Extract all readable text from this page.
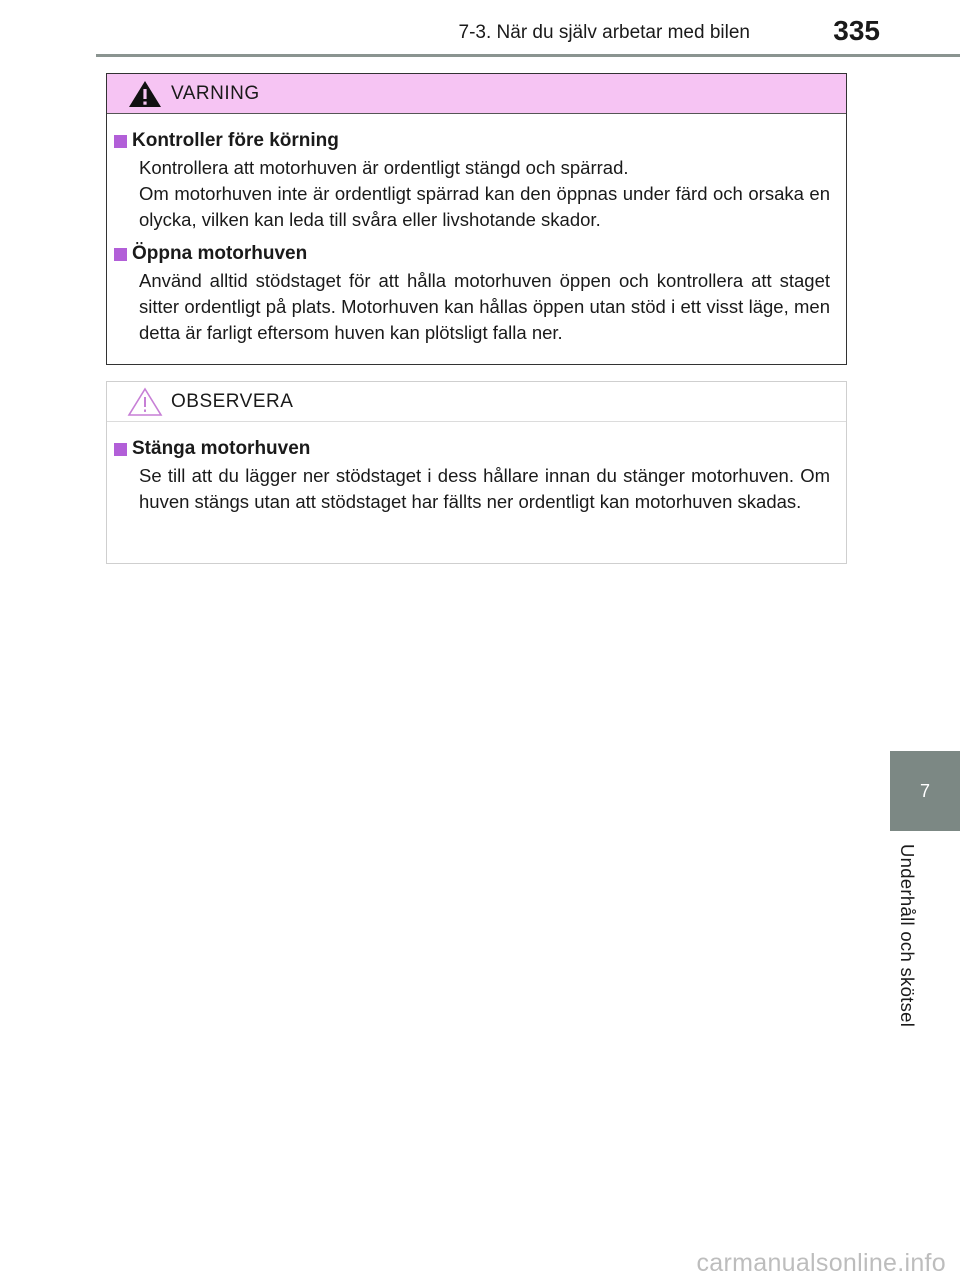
7-3. När du själv arbetar med bilen	335
VARNING
Kontroller före körning
Kontrollera att motorhuven är ordentligt stängd och spärrad.
Om motorhuven inte är ordentligt spärrad kan den öppnas under färd och orsaka en olycka, vilken kan leda till svåra eller livshotande skador.
Öppna motorhuven
Använd alltid stödstaget för att hålla motorhuven öppen och kontrollera att staget sitter ordentligt på plats. Motorhuven kan hållas öppen utan stöd i ett visst läge, men detta är farligt eftersom huven kan plötsligt falla ner.
OBSERVERA
Stänga motorhuven
Se till att du lägger ner stödstaget i dess hållare innan du stänger motorhuven. Om huven stängs utan att stödstaget har fällts ner ordentligt kan motorhuven skadas.
7
Underhåll och skötsel
carmanualsonline.info
